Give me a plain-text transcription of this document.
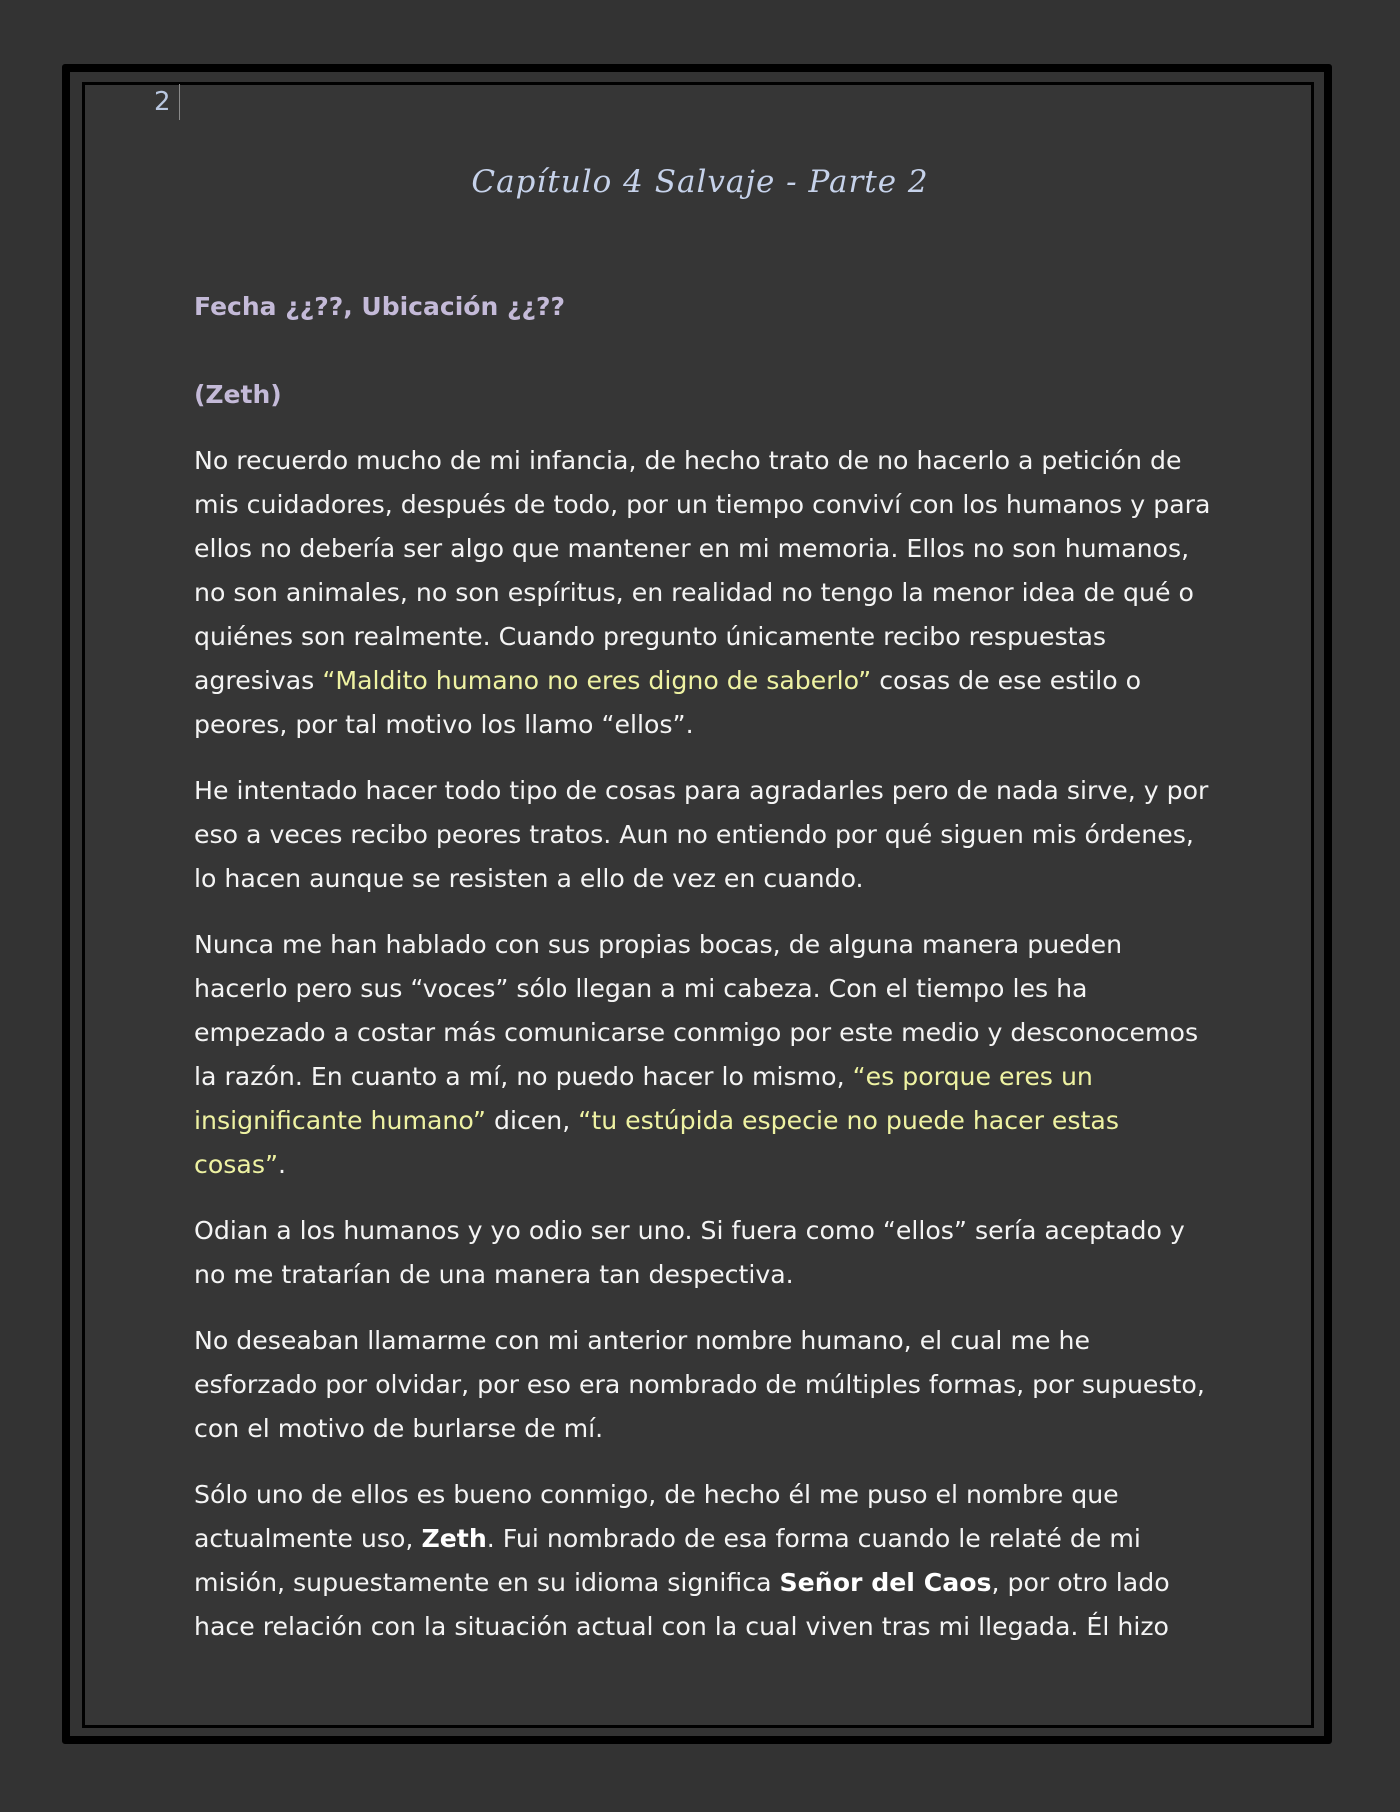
2
Capítulo 4 Salvaje - Parte 2

Fecha ¿¿??, Ubicación ¿¿??

(Zeth)

No recuerdo mucho de mi infancia, de hecho trato de no hacerlo a petición de mis cuidadores, después de todo, por un tiempo conviví con los humanos y para ellos no debería ser algo que mantener en mi memoria. Ellos no son humanos, no son animales, no son espíritus, en realidad no tengo la menor idea de qué o quiénes son realmente. Cuando pregunto únicamente recibo respuestas agresivas “Maldito humano no eres digno de saberlo” cosas de ese estilo o peores, por tal motivo los llamo “ellos”.

He intentado hacer todo tipo de cosas para agradarles pero de nada sirve, y por eso a veces recibo peores tratos. Aun no entiendo por qué siguen mis órdenes, lo hacen aunque se resisten a ello de vez en cuando.

Nunca me han hablado con sus propias bocas, de alguna manera pueden hacerlo pero sus “voces” sólo llegan a mi cabeza. Con el tiempo les ha empezado a costar más comunicarse conmigo por este medio y desconocemos la razón. En cuanto a mí, no puedo hacer lo mismo, “es porque eres un insignificante humano” dicen, “tu estúpida especie no puede hacer estas cosas”.

Odian a los humanos y yo odio ser uno. Si fuera como “ellos” sería aceptado y no me tratarían de una manera tan despectiva.

No deseaban llamarme con mi anterior nombre humano, el cual me he esforzado por olvidar, por eso era nombrado de múltiples formas, por supuesto, con el motivo de burlarse de mí.

Sólo uno de ellos es bueno conmigo, de hecho él me puso el nombre que actualmente uso, Zeth. Fui nombrado de esa forma cuando le relaté de mi misión, supuestamente en su idioma significa Señor del Caos, por otro lado hace relación con la situación actual con la cual viven tras mi llegada. Él hizo
